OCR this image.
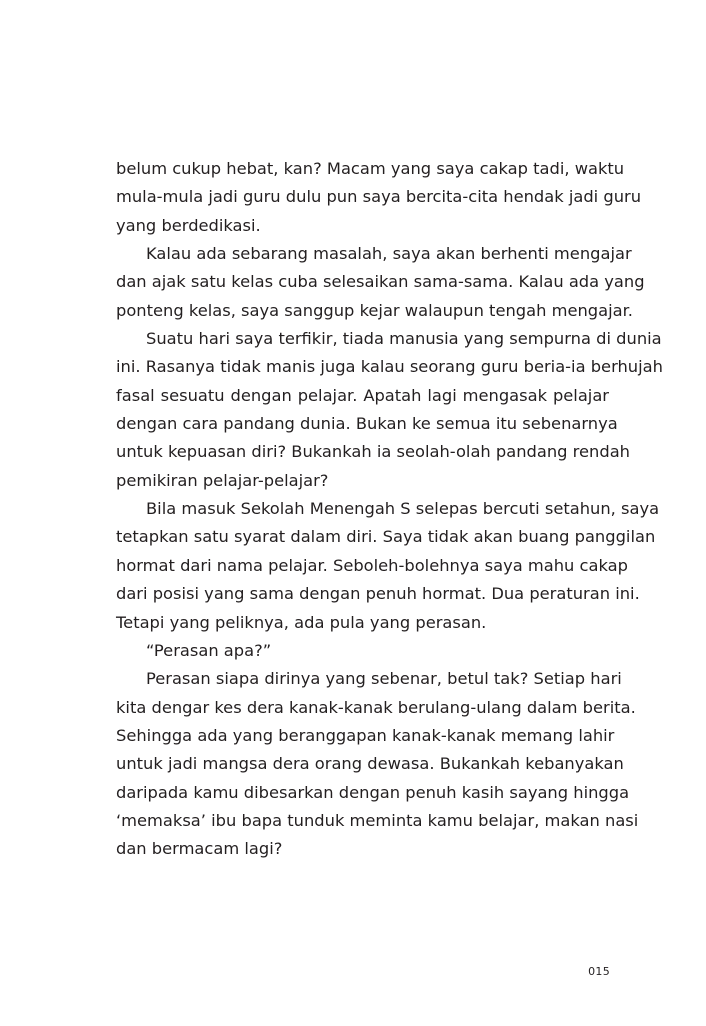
belum cukup hebat, kan? Macam yang saya cakap tadi, waktu
mula-mula jadi guru dulu pun saya bercita-cita hendak jadi guru
yang berdedikasi.
Kalau ada sebarang masalah, saya akan berhenti mengajar
dan ajak satu kelas cuba selesaikan sama-sama. Kalau ada yang
ponteng kelas, saya sanggup kejar walaupun tengah mengajar.
Suatu hari saya terfikir, tiada manusia yang sempurna di dunia
ini. Rasanya tidak manis juga kalau seorang guru beria-ia berhujah
fasal sesuatu dengan pelajar. Apatah lagi mengasak pelajar
dengan cara pandang dunia. Bukan ke semua itu sebenarnya
untuk kepuasan diri? Bukankah ia seolah-olah pandang rendah
pemikiran pelajar-pelajar?
Bila masuk Sekolah Menengah S selepas bercuti setahun, saya
tetapkan satu syarat dalam diri. Saya tidak akan buang panggilan
hormat dari nama pelajar. Seboleh-bolehnya saya mahu cakap
dari posisi yang sama dengan penuh hormat. Dua peraturan ini.
Tetapi yang peliknya, ada pula yang perasan.
“Perasan apa?”
Perasan siapa dirinya yang sebenar, betul tak? Setiap hari
kita dengar kes dera kanak-kanak berulang-ulang dalam berita.
Sehingga ada yang beranggapan kanak-kanak memang lahir
untuk jadi mangsa dera orang dewasa. Bukankah kebanyakan
daripada kamu dibesarkan dengan penuh kasih sayang hingga
‘memaksa’ ibu bapa tunduk meminta kamu belajar, makan nasi
dan bermacam lagi?
015
